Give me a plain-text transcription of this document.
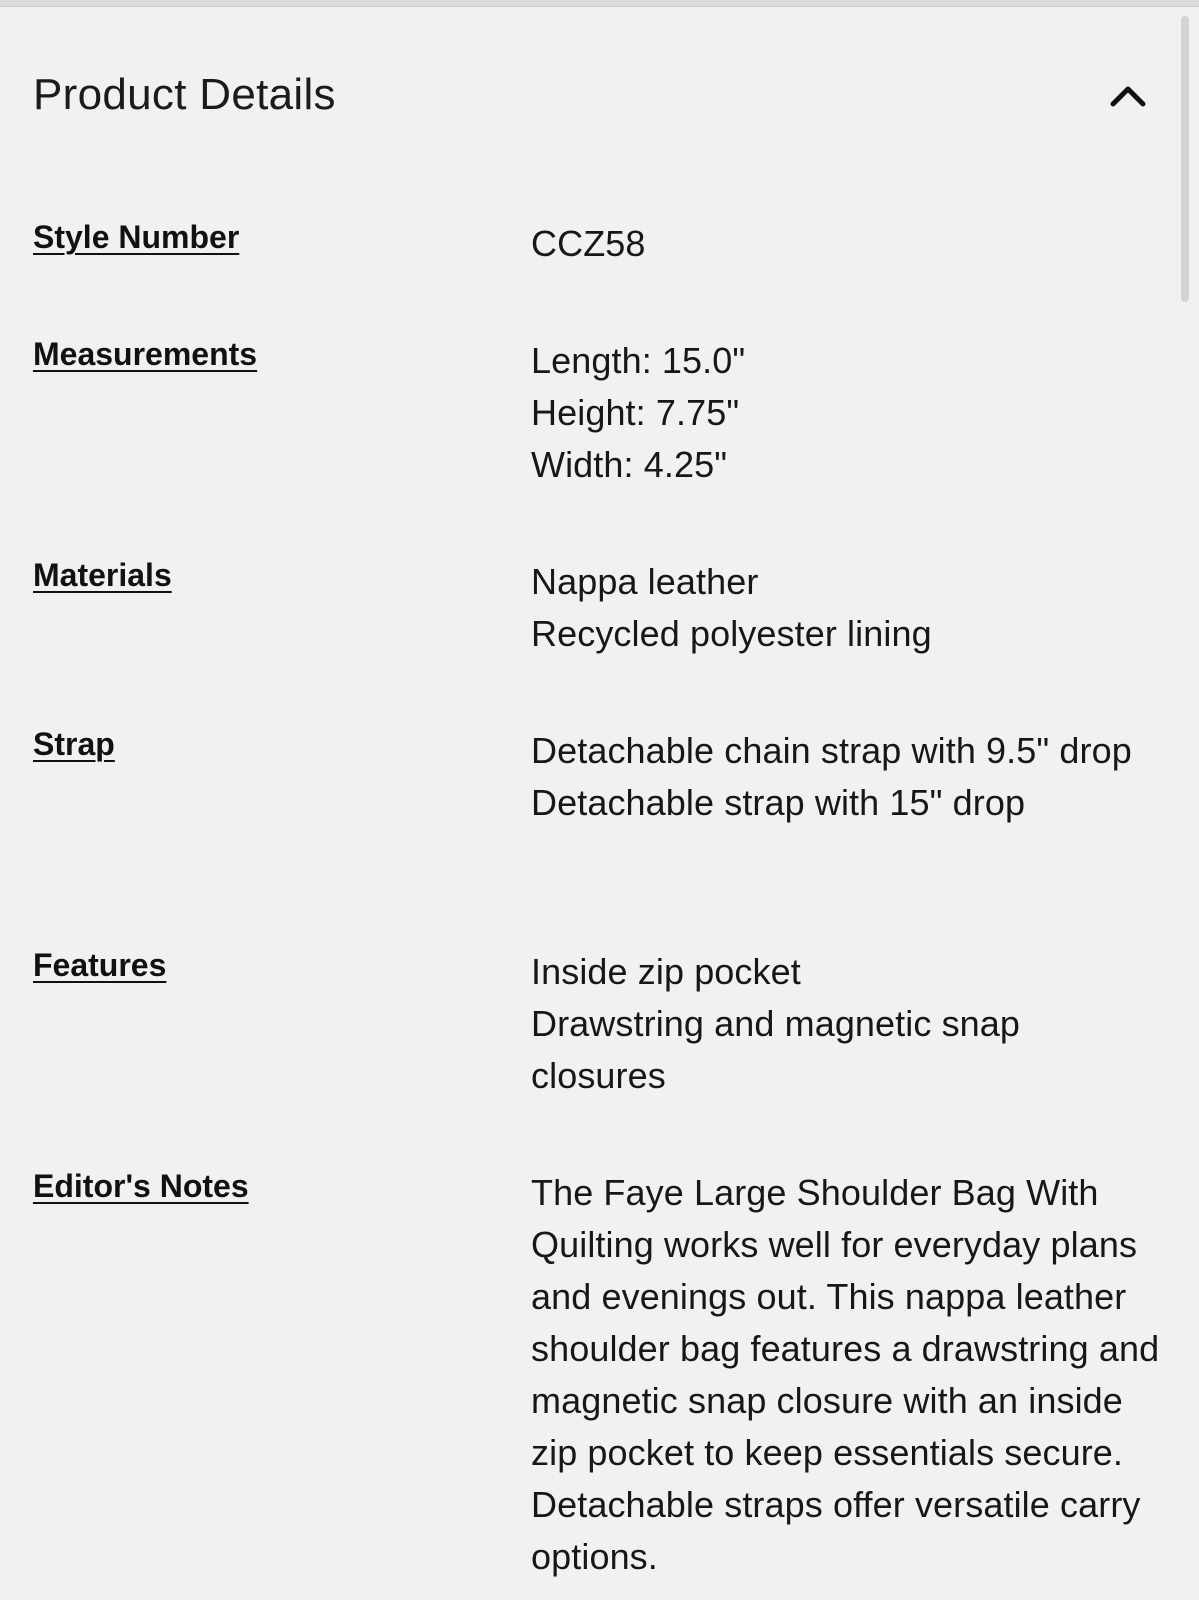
Product Details
Style Number	CCZ58
Measurements	Length: 15.0"
Height: 7.75"
Width: 4.25"
Materials	Nappa leather
Recycled polyester lining
Strap	Detachable chain strap with 9.5" drop
Detachable strap with 15" drop
Features	Inside zip pocket
Drawstring and magnetic snap closures
Editor's Notes	The Faye Large Shoulder Bag With Quilting works well for everyday plans and evenings out. This nappa leather shoulder bag features a drawstring and magnetic snap closure with an inside zip pocket to keep essentials secure. Detachable straps offer versatile carry options.
